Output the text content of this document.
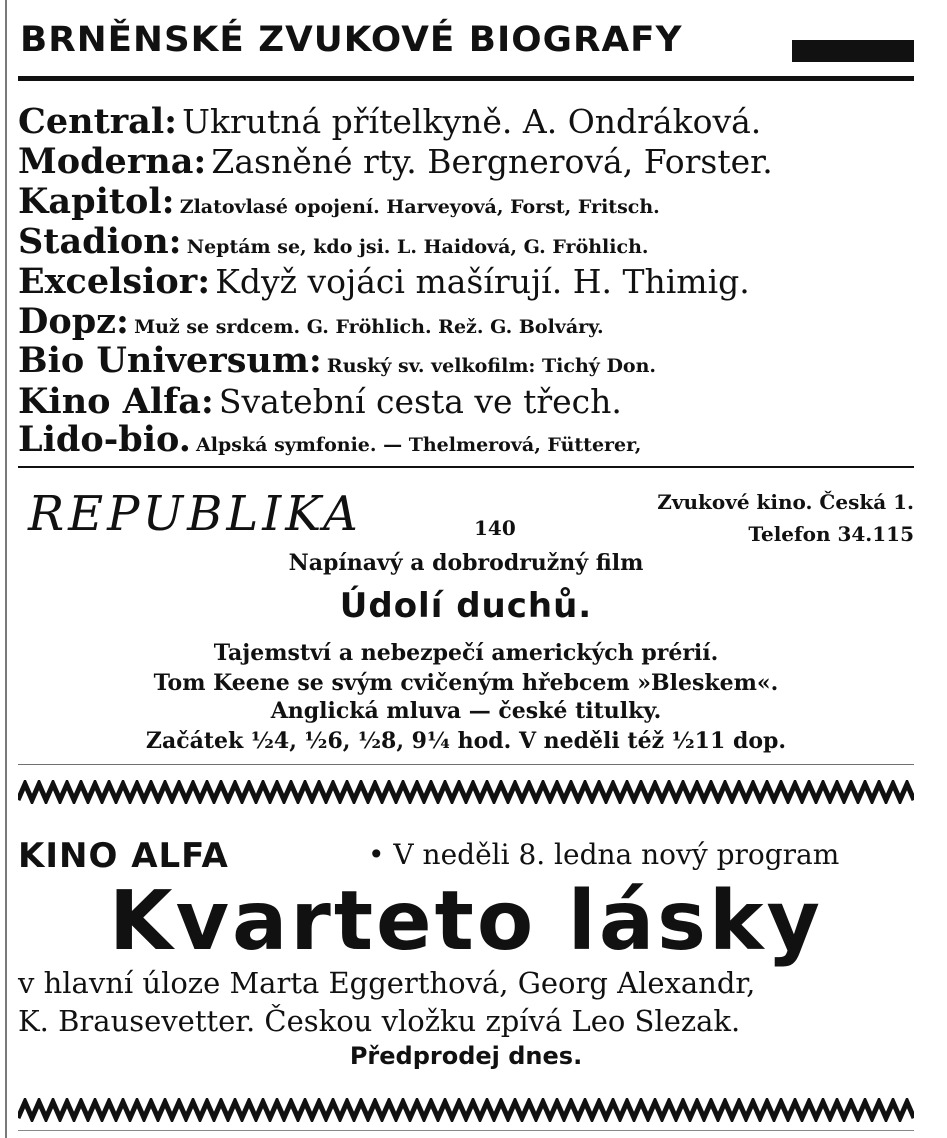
BRNĚNSKÉ ZVUKOVÉ BIOGRAFY
Central: Ukrutná přítelkyně. A. Ondráková.
Moderna: Zasněné rty. Bergnerová, Forster.
Kapitol: Zlatovlasé opojení. Harveyová, Forst, Fritsch.
Stadion: Neptám se, kdo jsi. L. Haidová, G. Fröhlich.
Excelsior: Když vojáci mašírují. H. Thimig.
Dopz: Muž se srdcem. G. Fröhlich. Rež. G. Bolváry.
Bio Universum: Ruský sv. velkofilm: Tichý Don.
Kino Alfa: Svatební cesta ve třech.
Lido-bio. Alpská symfonie. — Thelmerová, Fütterer,
REPUBLIKA	Zvukové kino. Česká 1.
140	Telefon 34.115
Napínavý a dobrodružný film
Údolí duchů.
Tajemství a nebezpečí amerických prérií.
Tom Keene se svým cvičeným hřebcem »Bleskem«.
Anglická mluva — české titulky.
Začátek ½4, ½6, ½8, 9¼ hod. V neděli též ½11 dop.
KINO ALFA	• V neděli 8. ledna nový program
Kvarteto lásky
v hlavní úloze Marta Eggerthová, Georg Alexandr,
K. Brausevetter. Českou vložku zpívá Leo Slezak.
Předprodej dnes.
